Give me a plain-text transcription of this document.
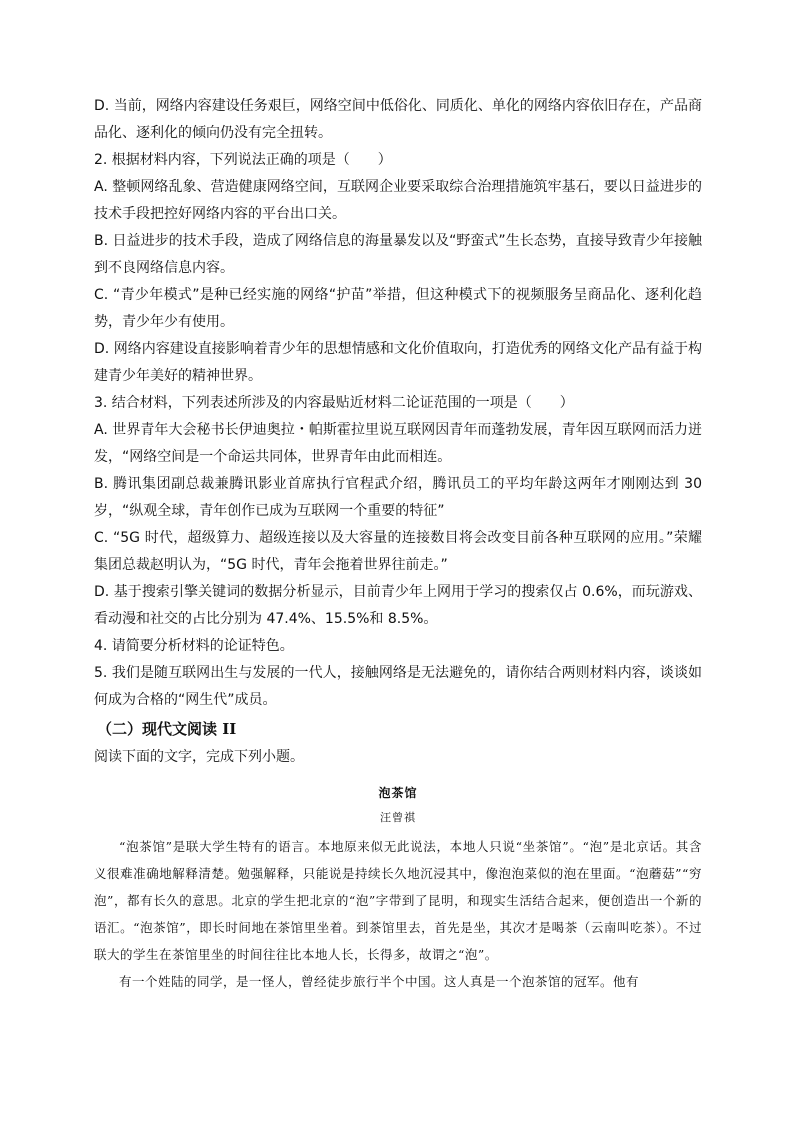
D. 当前，网络内容建设任务艰巨，网络空间中低俗化、同质化、单化的网络内容依旧存在，产品商品化、逐利化的倾向仍没有完全扭转。

2. 根据材料内容，下列说法正确的项是（　　）

A. 整顿网络乱象、营造健康网络空间，互联网企业要采取综合治理措施筑牢基石，要以日益进步的技术手段把控好网络内容的平台出口关。

B. 日益进步的技术手段，造成了网络信息的海量暴发以及“野蛮式”生长态势，直接导致青少年接触到不良网络信息内容。

C. “青少年模式”是种已经实施的网络“护苗”举措，但这种模式下的视频服务呈商品化、逐利化趋势，青少年少有使用。

D. 网络内容建设直接影响着青少年的思想情感和文化价值取向，打造优秀的网络文化产品有益于构建青少年美好的精神世界。

3. 结合材料，下列表述所涉及的内容最贴近材料二论证范围的一项是（　　）

A. 世界青年大会秘书长伊迪奥拉・帕斯霍拉里说互联网因青年而蓬勃发展，青年因互联网而活力迸发，“网络空间是一个命运共同体，世界青年由此而相连。

B. 腾讯集团副总裁兼腾讯影业首席执行官程武介绍，腾讯员工的平均年龄这两年才刚刚达到 30 岁，“纵观全球，青年创作已成为互联网一个重要的特征”

C. “5G 时代，超级算力、超级连接以及大容量的连接数目将会改变目前各种互联网的应用。”荣耀集团总裁赵明认为，“5G 时代，青年会拖着世界往前走。”

D. 基于搜索引擎关键词的数据分析显示，目前青少年上网用于学习的搜索仅占 0.6%，而玩游戏、看动漫和社交的占比分别为 47.4%、15.5%和 8.5%。

4. 请简要分析材料的论证特色。

5. 我们是随互联网出生与发展的一代人，接触网络是无法避免的，请你结合两则材料内容，谈谈如何成为合格的“网生代”成员。

（二）现代文阅读 II

阅读下面的文字，完成下列小题。

泡茶馆

汪曾祺

“泡茶馆”是联大学生特有的语言。本地原来似无此说法，本地人只说“坐茶馆”。“泡”是北京话。其含义很难准确地解释清楚。勉强解释，只能说是持续长久地沉浸其中，像泡泡菜似的泡在里面。“泡蘑菇”“穷泡”，都有长久的意思。北京的学生把北京的“泡”字带到了昆明，和现实生活结合起来，便创造出一个新的语汇。“泡茶馆”，即长时间地在茶馆里坐着。到茶馆里去，首先是坐，其次才是喝茶（云南叫吃茶）。不过联大的学生在茶馆里坐的时间往往比本地人长，长得多，故谓之“泡”。

有一个姓陆的同学，是一怪人，曾经徒步旅行半个中国。这人真是一个泡茶馆的冠军。他有
